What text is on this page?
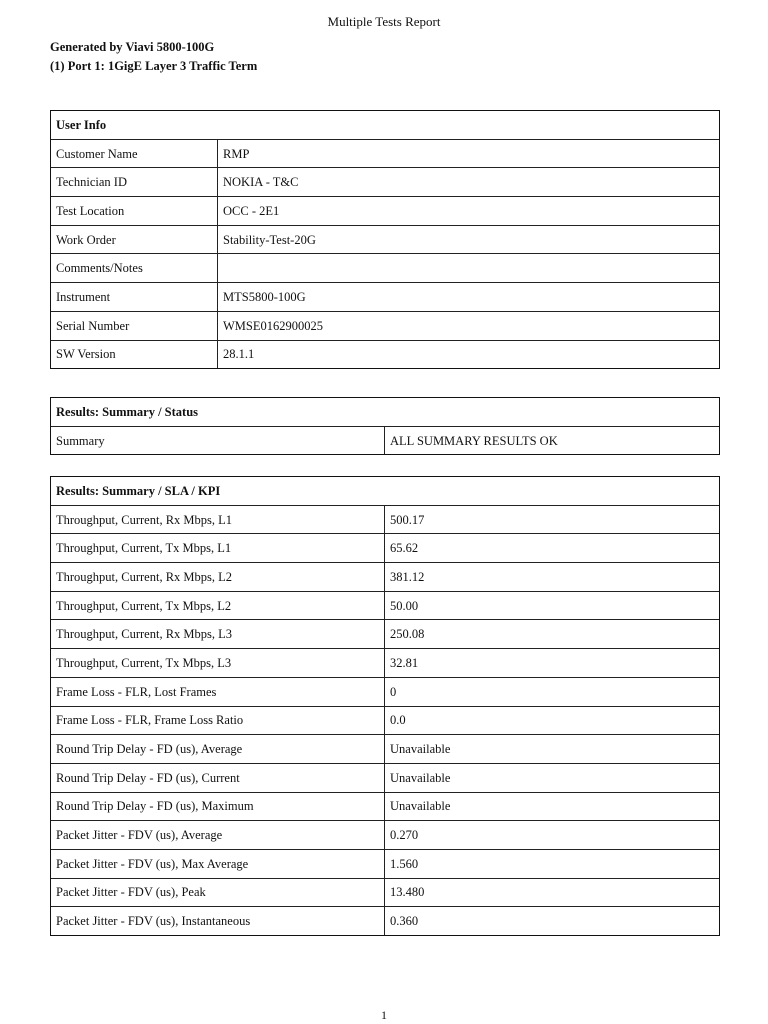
Multiple Tests Report
Generated by Viavi 5800-100G
(1) Port 1: 1GigE Layer 3 Traffic Term
User Info	
Customer Name	RMP
Technician ID	NOKIA - T&C
Test Location	OCC - 2E1
Work Order	Stability-Test-20G
Comments/Notes	
Instrument	MTS5800-100G
Serial Number	WMSE0162900025
SW Version	28.1.1
Results: Summary / Status
Summary	ALL SUMMARY RESULTS OK
Results: Summary / SLA / KPI	
Throughput, Current, Rx Mbps, L1	500.17
Throughput, Current, Tx Mbps, L1	65.62
Throughput, Current, Rx Mbps, L2	381.12
Throughput, Current, Tx Mbps, L2	50.00
Throughput, Current, Rx Mbps, L3	250.08
Throughput, Current, Tx Mbps, L3	32.81
Frame Loss - FLR, Lost Frames	0
Frame Loss - FLR, Frame Loss Ratio	0.0
Round Trip Delay - FD (us), Average	Unavailable
Round Trip Delay - FD (us), Current	Unavailable
Round Trip Delay - FD (us), Maximum	Unavailable
Packet Jitter - FDV (us), Average	0.270
Packet Jitter - FDV (us), Max Average	1.560
Packet Jitter - FDV (us), Peak	13.480
Packet Jitter - FDV (us), Instantaneous	0.360
1
